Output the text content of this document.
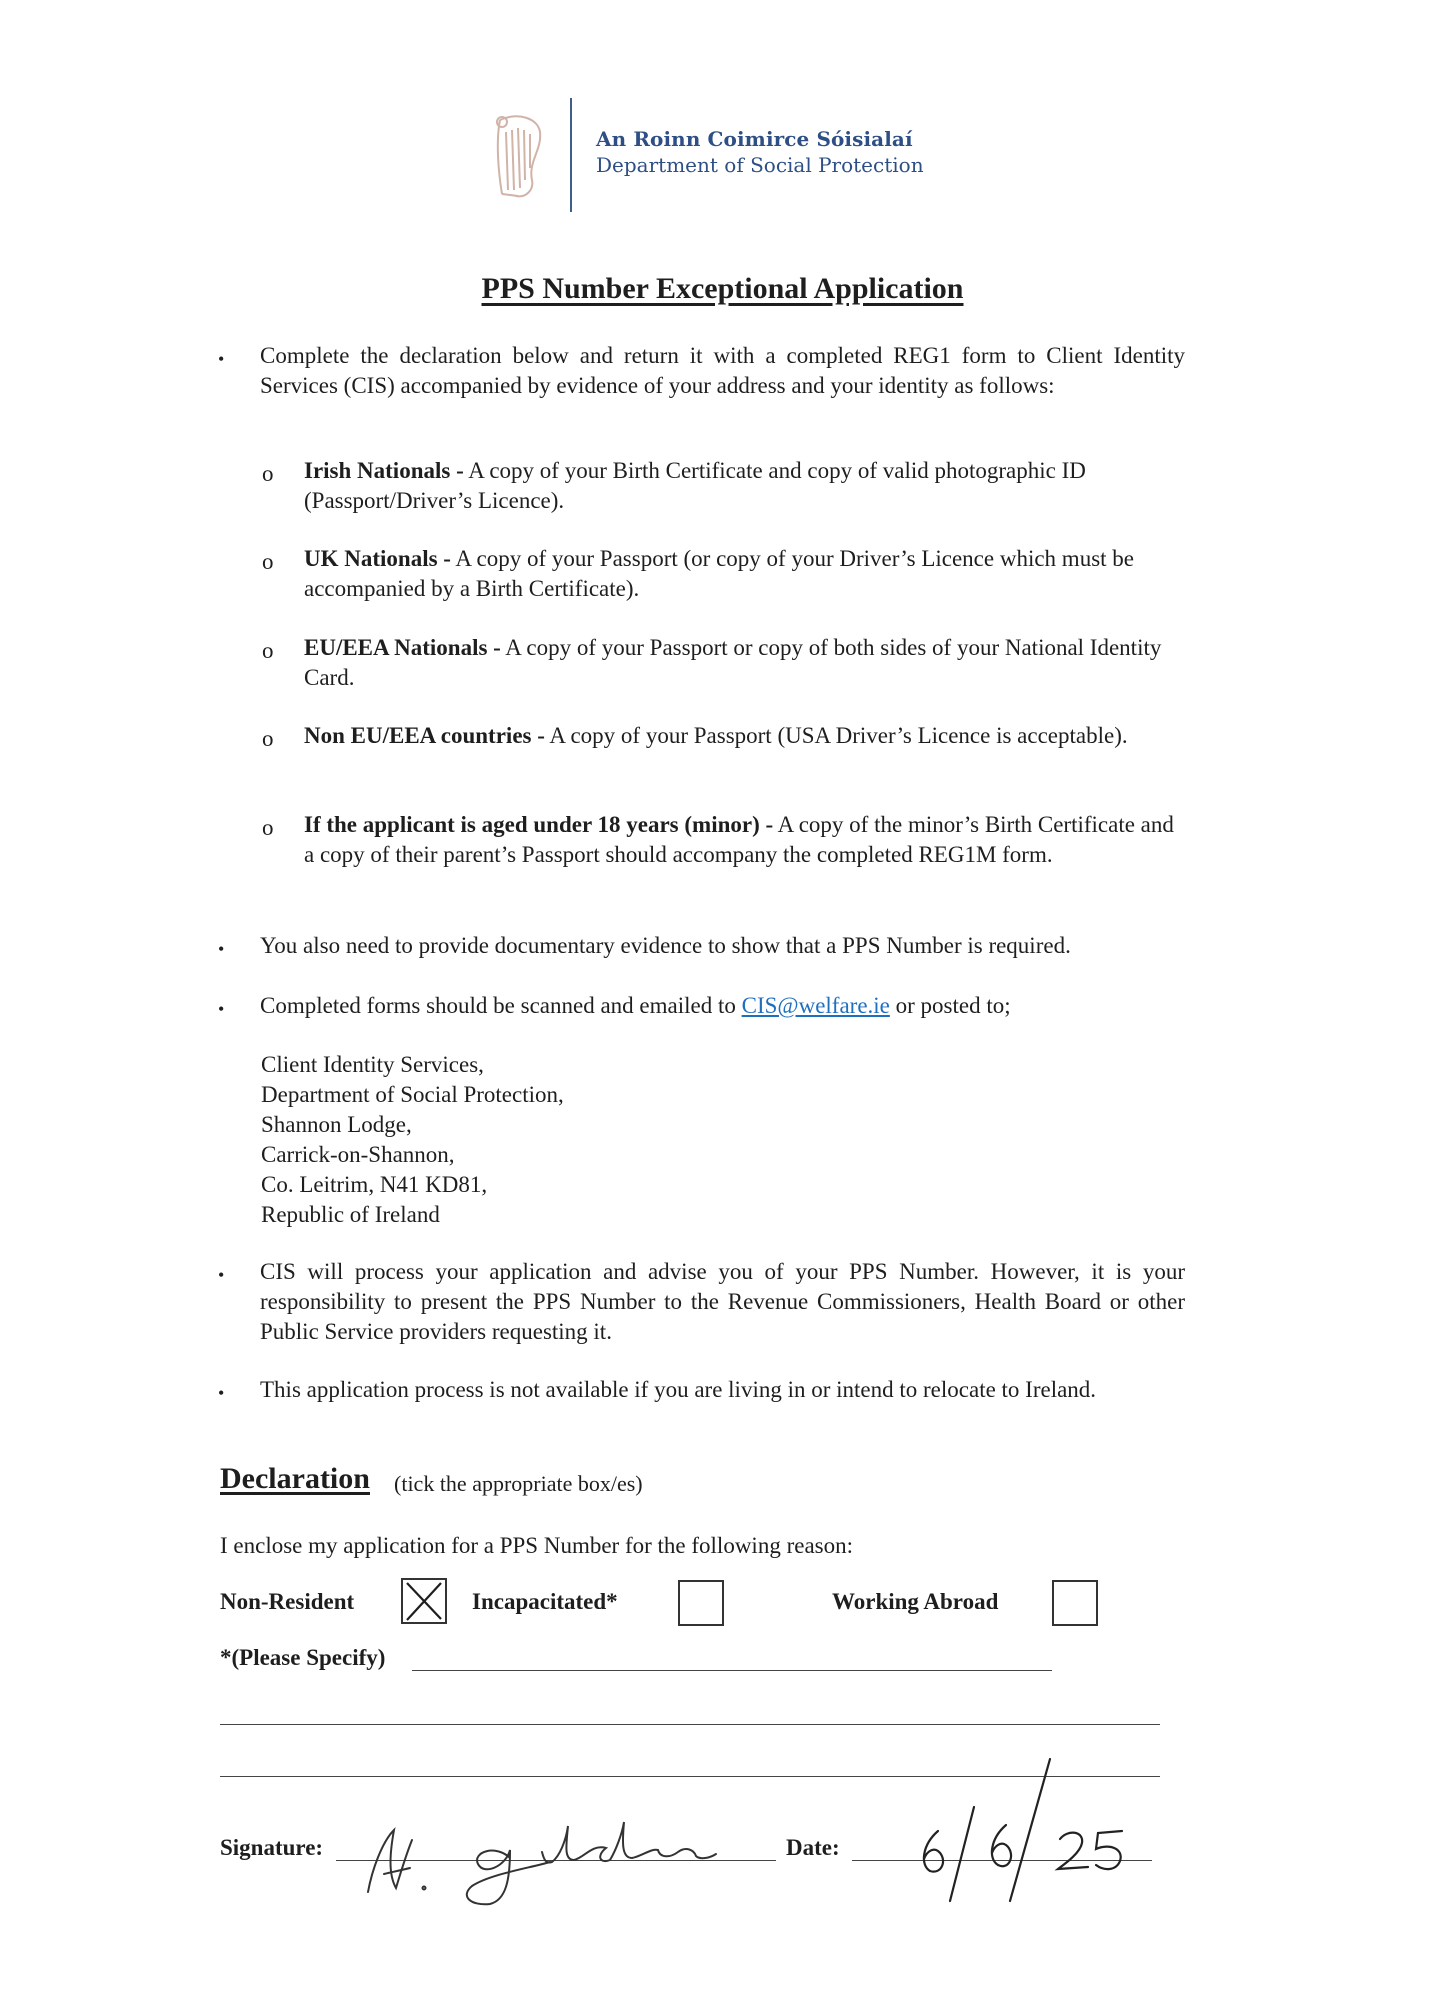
An Roinn Coimirce Sóisialaí
Department of Social Protection
PPS Number Exceptional Application
• Complete the declaration below and return it with a completed REG1 form to Client Identity Services (CIS) accompanied by evidence of your address and your identity as follows:
o Irish Nationals - A copy of your Birth Certificate and copy of valid photographic ID (Passport/Driver’s Licence).
o UK Nationals - A copy of your Passport (or copy of your Driver’s Licence which must be accompanied by a Birth Certificate).
o EU/EEA Nationals - A copy of your Passport or copy of both sides of your National Identity Card.
o Non EU/EEA countries - A copy of your Passport (USA Driver’s Licence is acceptable).
o If the applicant is aged under 18 years (minor) - A copy of the minor’s Birth Certificate and a copy of their parent’s Passport should accompany the completed REG1M form.
• You also need to provide documentary evidence to show that a PPS Number is required.
• Completed forms should be scanned and emailed to CIS@welfare.ie or posted to;
Client Identity Services,
Department of Social Protection,
Shannon Lodge,
Carrick-on-Shannon,
Co. Leitrim, N41 KD81,
Republic of Ireland
• CIS will process your application and advise you of your PPS Number. However, it is your responsibility to present the PPS Number to the Revenue Commissioners, Health Board or other Public Service providers requesting it.
• This application process is not available if you are living in or intend to relocate to Ireland.
Declaration (tick the appropriate box/es)
I enclose my application for a PPS Number for the following reason:
Non-Resident	Incapacitated*	Working Abroad
*(Please Specify)
Signature:	Date:
